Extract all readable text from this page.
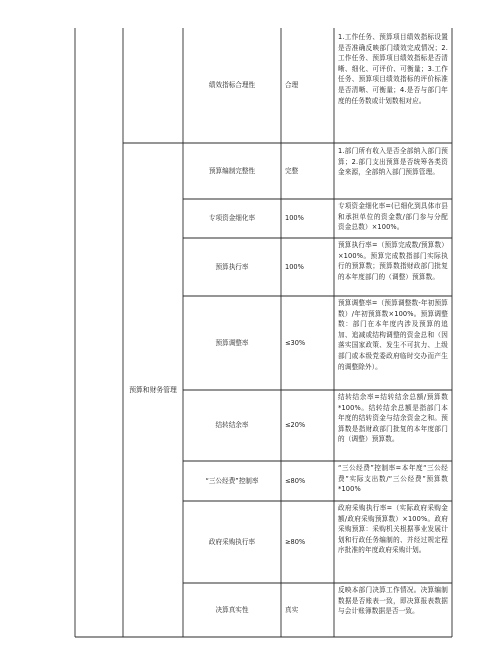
预算和财务管理
绩效指标合理性	合理
1.工作任务、预算项目绩效指标设置是否准确反映部门绩效完成情况；2.工作任务、预算项目绩效指标是否清晰、细化、可评价、可衡量；3.工作任务、预算项目绩效指标的评价标准是否清晰、可衡量；4.是否与部门年度的任务数或计划数相对应。
预算编制完整性	完整
1.部门所有收入是否全部纳入部门预算；2.部门支出预算是否统筹各类资金来源，全部纳入部门预算管理。
专项资金细化率	100%
专项资金细化率=(已细化到具体市县和承担单位的资金数/部门参与分配资金总数）×100%。
预算执行率	100%
预算执行率=（预算完成数/预算数）×100%。预算完成数指部门实际执行的预算数；预算数指财政部门批复的本年度部门的（调整）预算数。
预算调整率	≤30%
预算调整率=（预算调整数-年初预算数）/年初预算数×100%。预算调整数：部门在本年度内涉及预算的追加、追减或结构调整的资金总和（因落实国家政策、发生不可抗力、上级部门或本级党委政府临时交办而产生的调整除外）。
结转结余率	≤20%
结转结余率=结转结余总额/预算数*100%。结转结余总额是指部门本年度的结转资金与结余资金之和。预算数是指财政部门批复的本年度部门的（调整）预算数。
“三公经费”控制率	≤80%
“三公经费”控制率=本年度“三公经费”实际支出数/“三公经费”预算数*100%
政府采购执行率	≥80%
政府采购执行率=（实际政府采购金额/政府采购预算数）×100%。政府采购预算：采购机关根据事业发展计划和行政任务编制的、并经过规定程序批准的年度政府采购计划。
决算真实性	真实
反映本部门决算工作情况。决算编制数据是否账表一致，即决算报表数据与会计账簿数据是否一致。
